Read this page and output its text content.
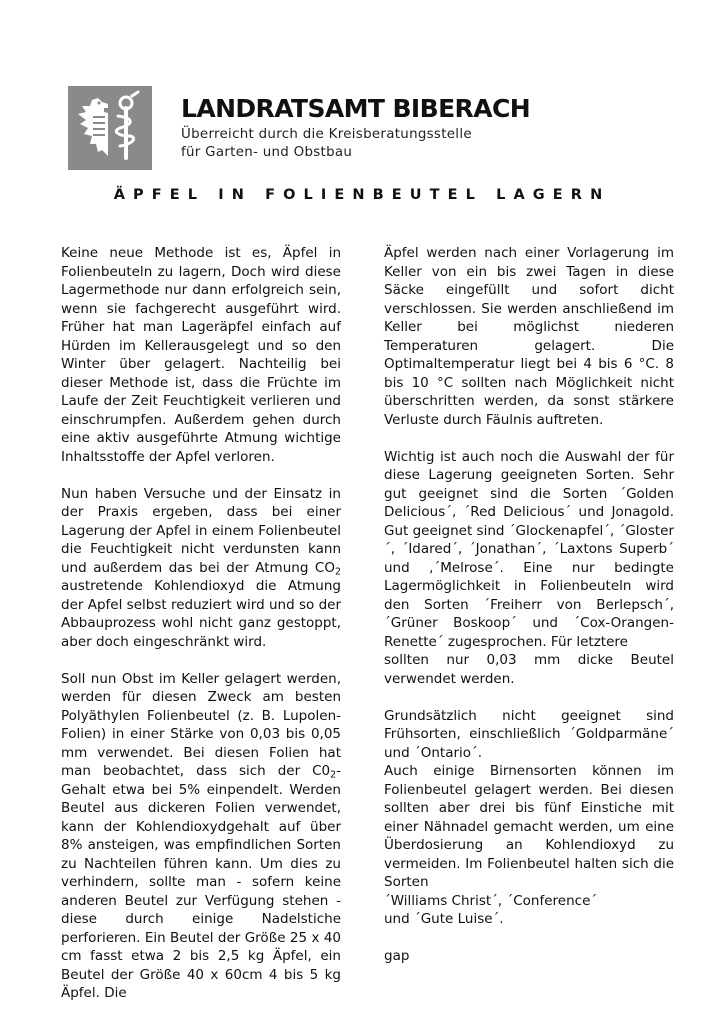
LANDRATSAMT BIBERACH
Überreicht durch die Kreisberatungsstelle
für Garten- und Obstbau
ÄPFEL IN FOLIENBEUTEL LAGERN

Keine neue Methode ist es, Äpfel in Folienbeuteln zu lagern, Doch wird diese Lagermethode nur dann erfolgreich sein, wenn sie fachgerecht ausgeführt wird. Früher hat man Lageräpfel einfach auf Hürden im Kellerausgelegt und so den Winter über gelagert. Nachteilig bei dieser Methode ist, dass die Früchte im Laufe der Zeit Feuchtigkeit verlieren und einschrumpfen. Außerdem gehen durch eine aktiv ausgeführte Atmung wichtige Inhaltsstoffe der Apfel verloren.

Nun haben Versuche und der Einsatz in der Praxis ergeben, dass bei einer Lagerung der Apfel in einem Folienbeutel die Feuchtigkeit nicht verdunsten kann und außerdem das bei der Atmung CO2 austretende Kohlendioxyd die Atmung der Apfel selbst reduziert wird und so der Abbauprozess wohl nicht ganz gestoppt, aber doch eingeschränkt wird.

Soll nun Obst im Keller gelagert werden, werden für diesen Zweck am besten Polyäthylen Folienbeutel (z. B. Lupolen-Folien) in einer Stärke von 0,03 bis 0,05 mm verwendet. Bei diesen Folien hat man beobachtet, dass sich der C02-Gehalt etwa bei 5% einpendelt. Werden Beutel aus dickeren Folien verwendet, kann der Kohlendioxydgehalt auf über 8% ansteigen, was empfindlichen Sorten zu Nachteilen führen kann. Um dies zu verhindern, sollte man - sofern keine anderen Beutel zur Verfügung stehen - diese durch einige Nadelstiche perforieren. Ein Beutel der Größe 25 x 40 cm fasst etwa 2 bis 2,5 kg Äpfel, ein Beutel der Größe 40 x 60cm 4 bis 5 kg Äpfel. Die

Äpfel werden nach einer Vorlagerung im Keller von ein bis zwei Tagen in diese Säcke eingefüllt und sofort dicht verschlossen. Sie werden anschließend im Keller bei möglichst niederen Temperaturen gelagert. Die Optimaltemperatur liegt bei 4 bis 6 °C. 8 bis 10 °C sollten nach Möglichkeit nicht überschritten werden, da sonst stärkere Verluste durch Fäulnis auftreten.

Wichtig ist auch noch die Auswahl der für diese Lagerung geeigneten Sorten. Sehr gut geeignet sind die Sorten ´Golden Delicious´, ´Red Delicious´ und Jonagold. Gut geeignet sind ´Glockenapfel´, ´Gloster´, ´Idared´, ´Jonathan´, ´Laxtons Superb´ und ,´Melrose´. Eine nur bedingte Lagermöglichkeit in Folienbeuteln wird den Sorten ´Freiherr von Berlepsch´, ´Grüner Boskoop´ und ´Cox-Orangen-Renette´ zugesprochen. Für letztere
sollten nur 0,03 mm dicke Beutel verwendet werden.

Grundsätzlich nicht geeignet sind Frühsorten, einschließlich ´Goldparmäne´ und ´Ontario´.
Auch einige Birnensorten können im Folienbeutel gelagert werden. Bei diesen sollten aber drei bis fünf Einstiche mit einer Nähnadel gemacht werden, um eine Überdosierung an Kohlendioxyd zu vermeiden. Im Folienbeutel halten sich die Sorten
´Williams Christ´, ´Conference´
und ´Gute Luise´.

gap
